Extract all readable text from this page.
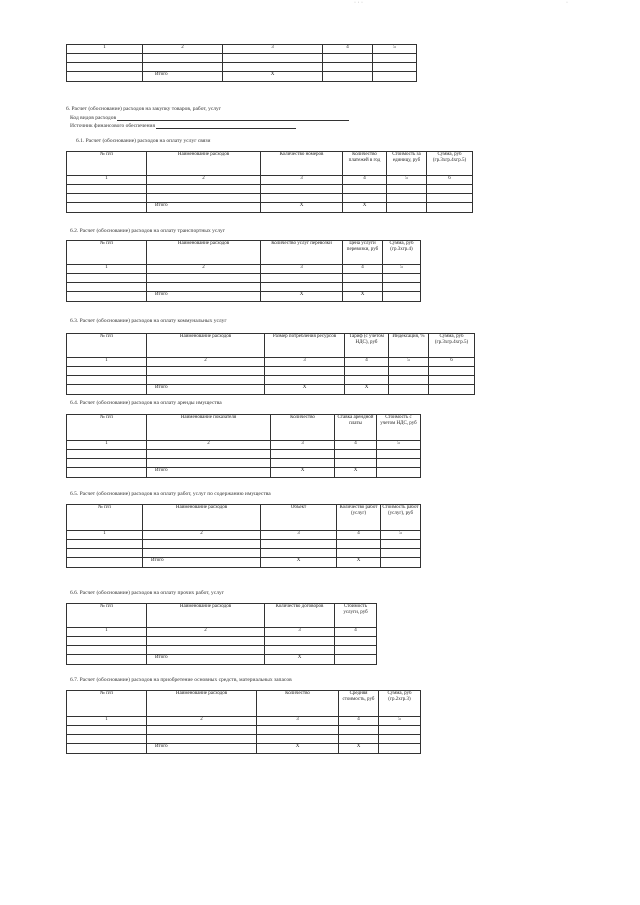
· · ·	·
1	2	3	4	5

	Итого	Х		
6. Расчет (обоснование) расходов на закупку товаров, работ, услуг
Код видов расходов
Источник финансового обеспечения
6.1. Расчет (обоснование) расходов на оплату услуг связи
№ п/п	Наименование расходов	Количество номеров	Количество платежей в год	Стоимость за единицу, руб	Сумма, руб (гр.3хгр.4хгр.5)
1	2	3	4	5	6

	Итого	Х	Х		
6.2. Расчет (обоснование) расходов на оплату транспортных услуг
№ п/п	Наименование расходов	Количество услуг перевозки	Цена услуги перевозки, руб	Сумма, руб (гр.3хгр.4)
1	2	3	4	5

	Итого	Х	Х	
6.3. Расчет (обоснование) расходов на оплату коммунальных услуг
№ п/п	Наименование расходов	Размер потребления ресурсов	Тариф (с учетом НДС), руб	Индексация, %	Сумма, руб (гр.3хгр.4хгр.5)
1	2	3	4	5	6

	Итого	Х	Х		
6.4. Расчет (обоснование) расходов на оплату аренды имущества
№ п/п	Наименование показателя	Количество	Ставка арендной платы	Стоимость с учетом НДС, руб
1	2	3	4	5

	Итого	Х	Х	
6.5. Расчет (обоснование) расходов на оплату работ, услуг по содержанию имущества
№ п/п	Наименование расходов	Объект	Количество работ (услуг)	Стоимость работ (услуг), руб
1	2	3	4	5

	Итого	Х	Х	
6.6. Расчет (обоснование) расходов на оплату прочих работ, услуг
№ п/п	Наименование расходов	Количество договоров	Стоимость услуги, руб
1	2	3	4

	Итого	Х	
6.7. Расчет (обоснование) расходов на приобретение основных средств, материальных запасов
№ п/п	Наименование расходов	Количество	Средняя стоимость, руб	Сумма, руб (гр.2хгр.3)
1	2	3	4	5

	Итого	Х	Х	
